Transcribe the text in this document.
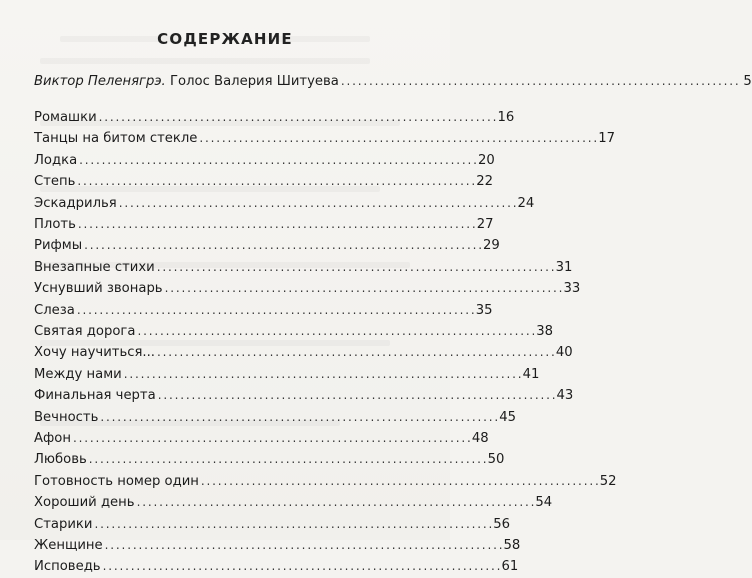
СОДЕРЖАНИЕ
Виктор Пеленягрэ. Голос Валерия Шитуева . . .	5
Ромашки . . .	16
Танцы на битом стекле . . .	17
Лодка . . .	20
Степь . . .	22
Эскадрилья . . .	24
Плоть . . .	27
Рифмы . . .	29
Внезапные стихи . . .	31
Уснувший звонарь . . .	33
Слеза . . .	35
Святая дорога . . .	38
Хочу научиться... . . .	40
Между нами . . .	41
Финальная черта . . .	43
Вечность . . .	45
Афон . . .	48
Любовь . . .	50
Готовность номер один . . .	52
Хороший день . . .	54
Старики . . .	56
Женщине . . .	58
Исповедь . . .	61
